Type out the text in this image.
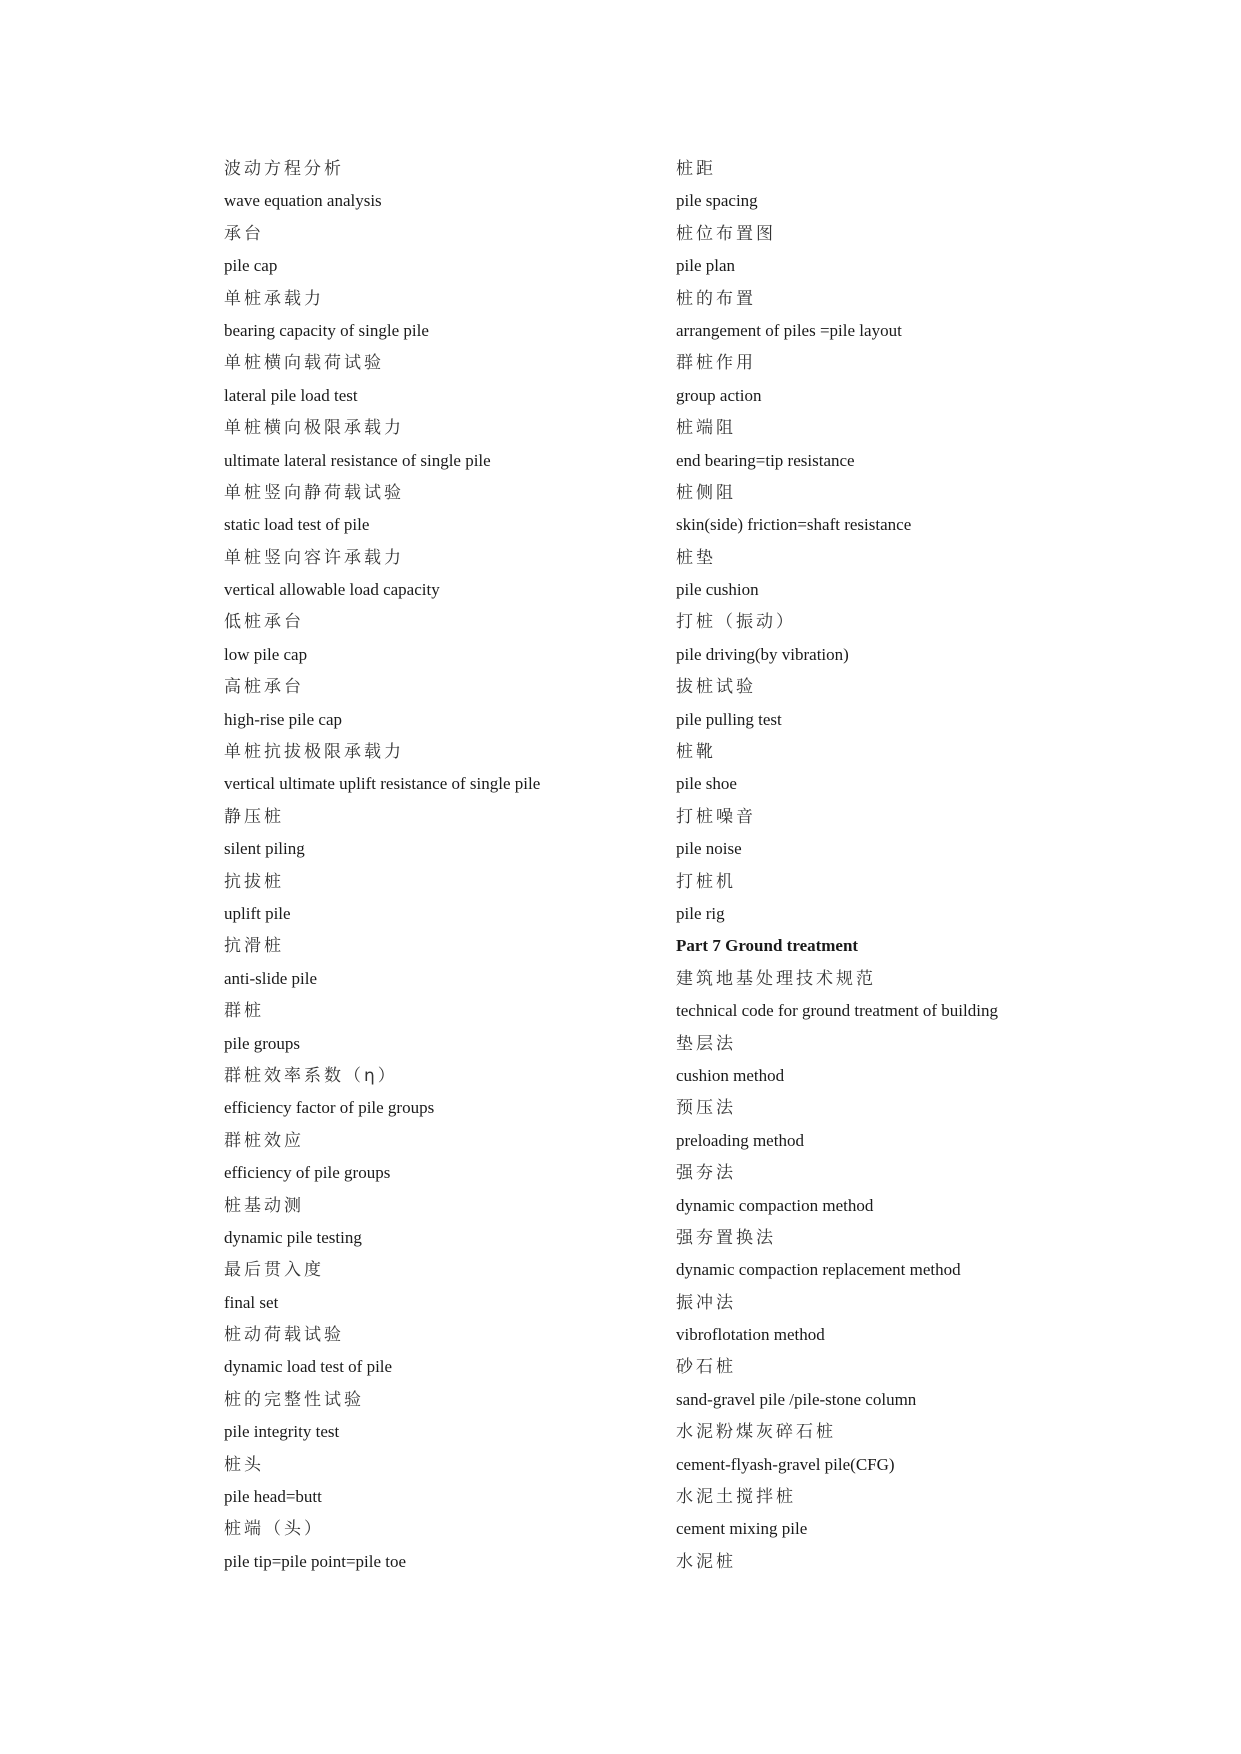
波动方程分析

wave equation analysis

承台

pile cap

单桩承载力

bearing capacity of single pile

单桩横向载荷试验

lateral pile load test

单桩横向极限承载力

ultimate lateral resistance of single pile

单桩竖向静荷载试验

static load test of pile

单桩竖向容许承载力

vertical allowable load capacity

低桩承台

low pile cap

高桩承台

high-rise pile cap

单桩抗拔极限承载力

vertical ultimate uplift resistance of single pile

静压桩

silent piling

抗拔桩

uplift pile

抗滑桩

anti-slide pile

群桩

pile groups

群桩效率系数（η）

efficiency factor of pile groups

群桩效应

efficiency of pile groups

桩基动测

dynamic pile testing

最后贯入度

final set

桩动荷载试验

dynamic load test of pile

桩的完整性试验

pile integrity test

桩头

pile head=butt

桩端（头）

pile tip=pile point=pile toe

桩距

pile spacing

桩位布置图

pile plan

桩的布置

arrangement of piles =pile layout

群桩作用

group action

桩端阻

end bearing=tip resistance

桩侧阻

skin(side) friction=shaft resistance

桩垫

pile cushion

打桩（振动）

pile driving(by vibration)

拔桩试验

pile pulling test

桩靴

pile shoe

打桩噪音

pile noise

打桩机

pile rig

Part 7 Ground treatment

建筑地基处理技术规范

technical code for ground treatment of building

垫层法

cushion method

预压法

preloading method

强夯法

dynamic compaction method

强夯置换法

dynamic compaction replacement method

振冲法

vibroflotation method

砂石桩

sand-gravel pile /pile-stone column

水泥粉煤灰碎石桩

cement-flyash-gravel pile(CFG)

水泥土搅拌桩

cement mixing pile

水泥桩
